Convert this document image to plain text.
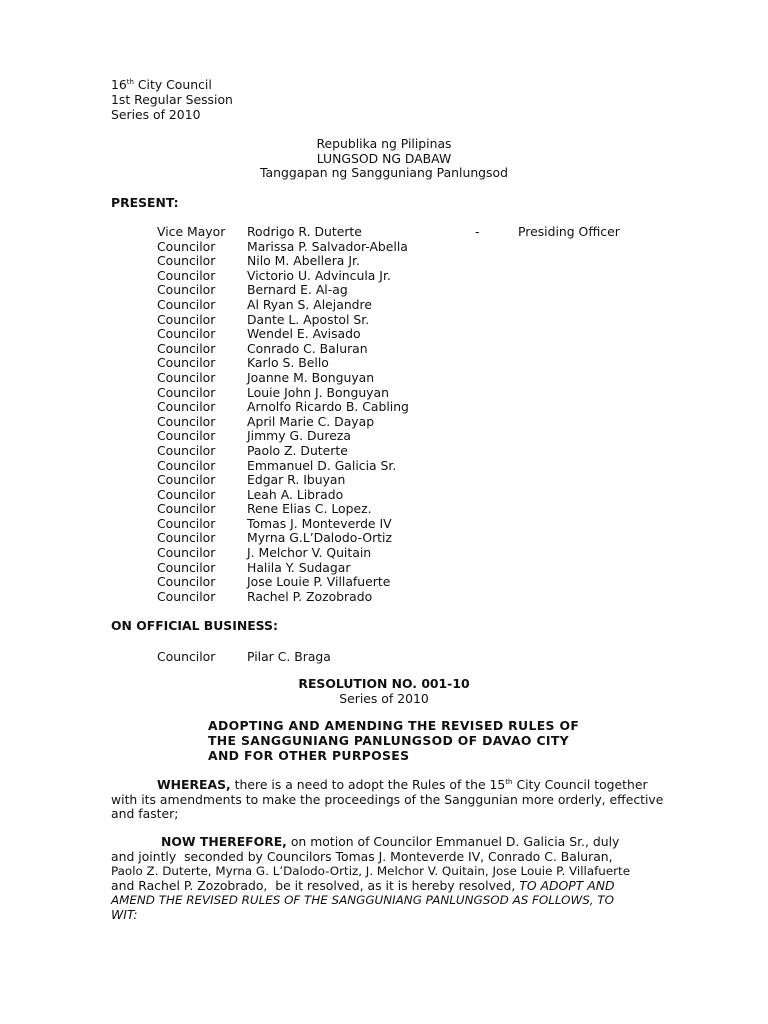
16th City Council
1st Regular Session
Series of 2010
Republika ng Pilipinas
LUNGSOD NG DABAW
Tanggapan ng Sangguniang Panlungsod
PRESENT:
Vice Mayor Rodrigo R. Duterte	-	Presiding Officer
Councilor	Marissa P. Salvador-Abella
Councilor	Nilo M. Abellera Jr.
Councilor	Victorio U. Advincula Jr.
Councilor	Bernard E. Al-ag
Councilor	Al Ryan S. Alejandre
Councilor	Dante L. Apostol Sr.
Councilor	Wendel E. Avisado
Councilor	Conrado C. Baluran
Councilor	Karlo S. Bello
Councilor	Joanne M. Bonguyan
Councilor	Louie John J. Bonguyan
Councilor	Arnolfo Ricardo B. Cabling
Councilor	April Marie C. Dayap
Councilor	Jimmy G. Dureza
Councilor	Paolo Z. Duterte
Councilor	Emmanuel D. Galicia Sr.
Councilor	Edgar R. Ibuyan
Councilor	Leah A. Librado
Councilor	Rene Elias C. Lopez.
Councilor	Tomas J. Monteverde IV
Councilor	Myrna G.L’Dalodo-Ortiz
Councilor	J. Melchor V. Quitain
Councilor	Halila Y. Sudagar
Councilor	Jose Louie P. Villafuerte
Councilor	Rachel P. Zozobrado
ON OFFICIAL BUSINESS:
Councilor	Pilar C. Braga
RESOLUTION NO. 001-10
Series of 2010
ADOPTING AND AMENDING THE REVISED RULES OF
THE SANGGUNIANG PANLUNGSOD OF DAVAO CITY
AND FOR OTHER PURPOSES
WHEREAS, there is a need to adopt the Rules of the 15th City Council together
with its amendments to make the proceedings of the Sanggunian more orderly, effective
and faster;
NOW THEREFORE, on motion of Councilor Emmanuel D. Galicia Sr., duly
and jointly  seconded by Councilors Tomas J. Monteverde IV, Conrado C. Baluran,
Paolo Z. Duterte, Myrna G. L’Dalodo-Ortiz, J. Melchor V. Quitain, Jose Louie P. Villafuerte
and Rachel P. Zozobrado,  be it resolved, as it is hereby resolved, TO ADOPT AND
AMEND THE REVISED RULES OF THE SANGGUNIANG PANLUNGSOD AS FOLLOWS, TO
WIT:
